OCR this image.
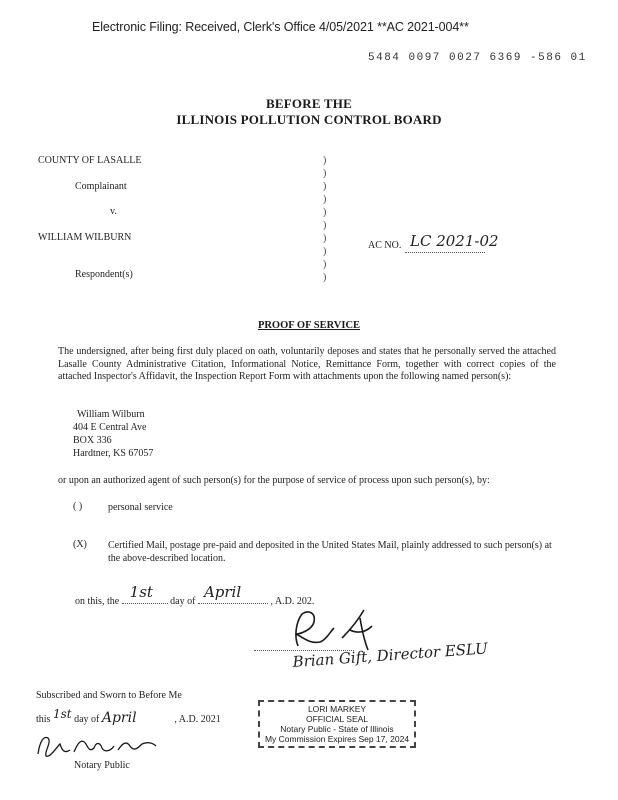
Electronic Filing: Received, Clerk's Office 4/05/2021 **AC 2021-004**
5484 0097 0027 6369 -586 01
BEFORE THE
ILLINOIS POLLUTION CONTROL BOARD
COUNTY OF LASALLE
Complainant
v.
WILLIAM WILBURN
Respondent(s)
)
)
)
)
)
)
)
)
)
)
AC NO. LC 2021-02
PROOF OF SERVICE
The undersigned, after being first duly placed on oath, voluntarily deposes and states that he personally served the attached Lasalle County Administrative Citation, Informational Notice, Remittance Form, together with correct copies of the attached Inspector's Affidavit, the Inspection Report Form with attachments upon the following named person(s):
William Wilburn
404 E Central Ave
BOX 336
Hardtner, KS 67057
or upon an authorized agent of such person(s) for the purpose of service of process upon such person(s), by:
( )	personal service
(X) Certified Mail, postage pre-paid and deposited in the United States Mail, plainly addressed to such person(s) at the above-described location.
on this, the
1st
day of
April
, A.D. 202.
Brian Gift, Director ESLU
Subscribed and Sworn to Before Me
this 1st day of April	, A.D. 2021
Notary Public
LORI MARKEY
OFFICIAL SEAL
Notary Public - State of Illinois
My Commission Expires Sep 17, 2024
